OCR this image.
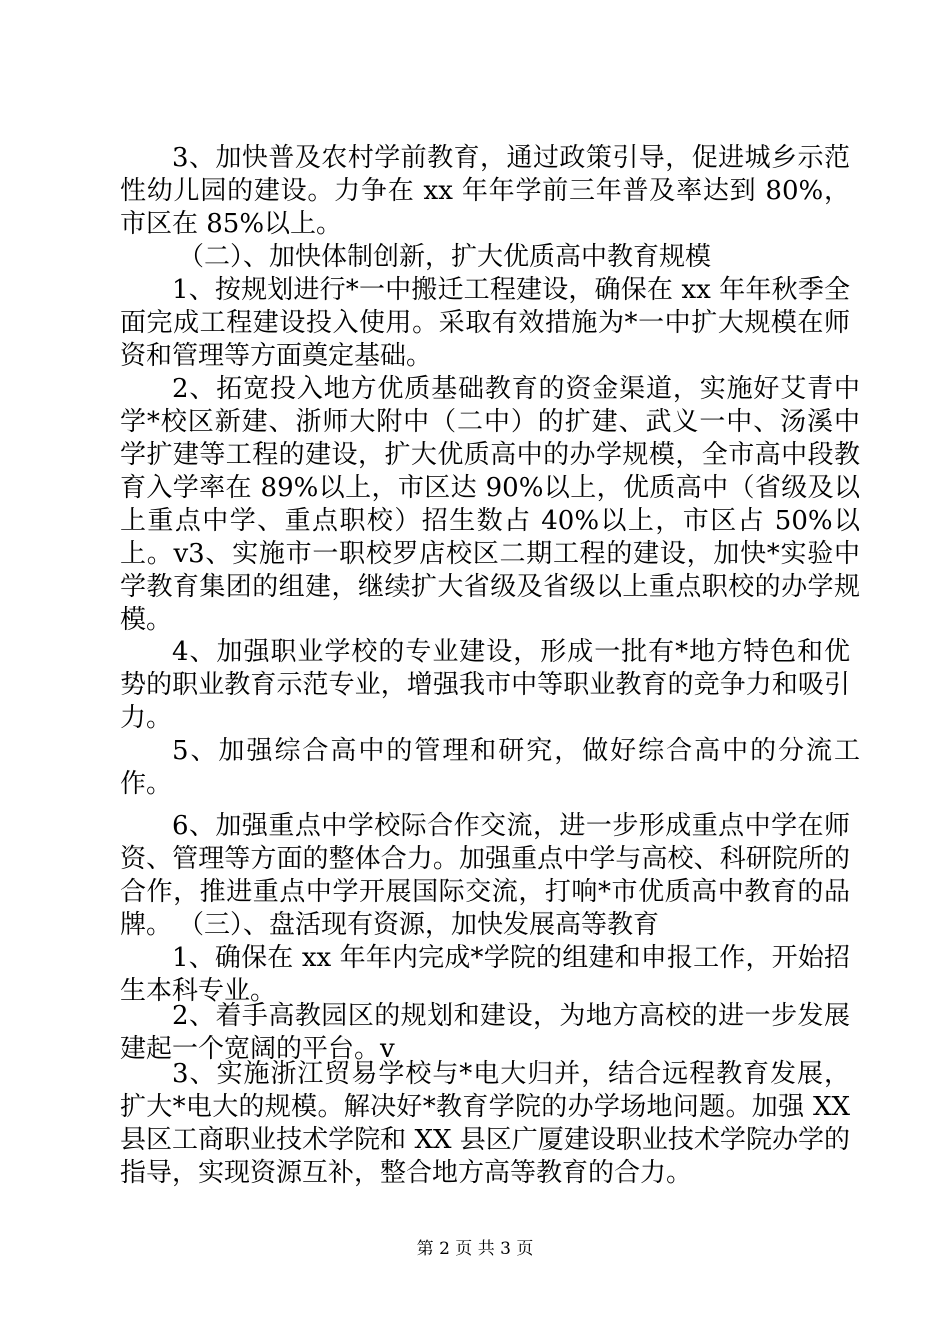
3、加快普及农村学前教育，通过政策引导，促进城乡示范性幼儿园的建设。力争在 xx 年年学前三年普及率达到 80%，市区在 85%以上。

（二）、加快体制创新，扩大优质高中教育规模

1、按规划进行*一中搬迁工程建设，确保在 xx 年年秋季全面完成工程建设投入使用。采取有效措施为*一中扩大规模在师资和管理等方面奠定基础。

2、拓宽投入地方优质基础教育的资金渠道，实施好艾青中学*校区新建、浙师大附中（二中）的扩建、武义一中、汤溪中学扩建等工程的建设，扩大优质高中的办学规模，全市高中段教育入学率在 89%以上，市区达 90%以上，优质高中（省级及以上重点中学、重点职校）招生数占 40%以上，市区占 50%以上。v3、实施市一职校罗店校区二期工程的建设，加快*实验中学教育集团的组建，继续扩大省级及省级以上重点职校的办学规模。

4、加强职业学校的专业建设，形成一批有*地方特色和优势的职业教育示范专业，增强我市中等职业教育的竞争力和吸引力。

5、加强综合高中的管理和研究，做好综合高中的分流工作。

6、加强重点中学校际合作交流，进一步形成重点中学在师资、管理等方面的整体合力。加强重点中学与高校、科研院所的合作，推进重点中学开展国际交流，打响*市优质高中教育的品牌。 （三）、盘活现有资源，加快发展高等教育

1、确保在 xx 年年内完成*学院的组建和申报工作，开始招生本科专业。

2、着手高教园区的规划和建设，为地方高校的进一步发展建起一个宽阔的平台。v

3、实施浙江贸易学校与*电大归并，结合远程教育发展，扩大*电大的规模。解决好*教育学院的办学场地问题。加强 XX 县区工商职业技术学院和 XX 县区广厦建设职业技术学院办学的指导，实现资源互补，整合地方高等教育的合力。

第 2 页 共 3 页
